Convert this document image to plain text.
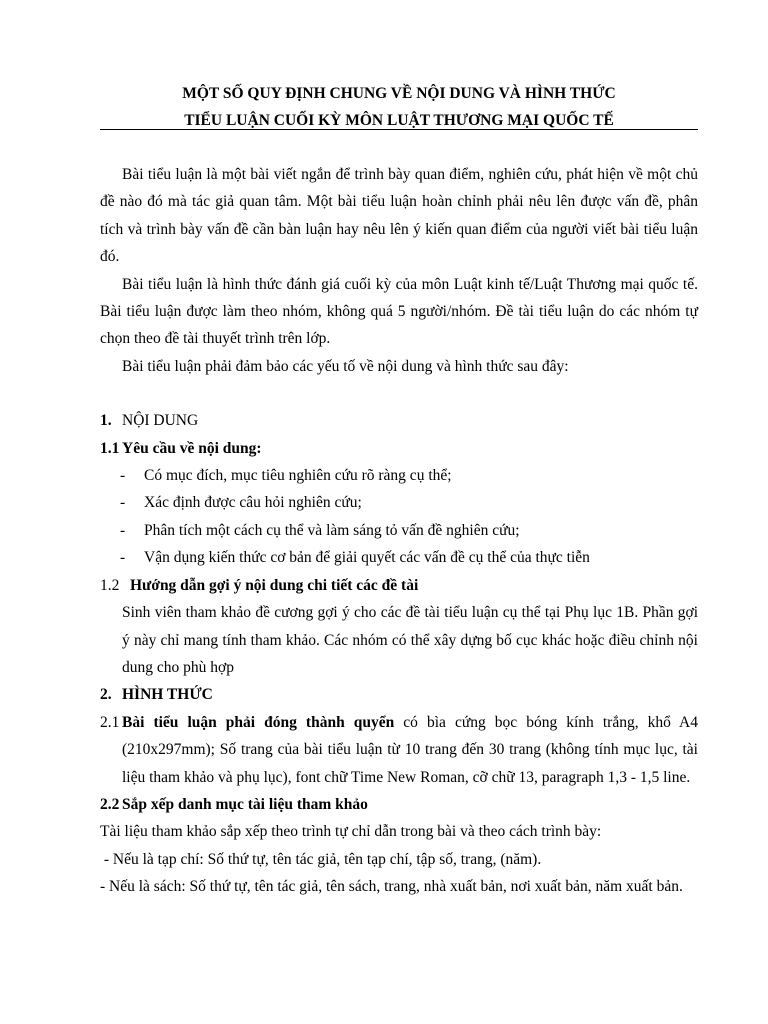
MỘT SỐ QUY ĐỊNH CHUNG VỀ NỘI DUNG VÀ HÌNH THỨC
TIỂU LUẬN CUỐI KỲ MÔN LUẬT THƯƠNG MẠI QUỐC TẾ

Bài tiểu luận là một bài viết ngắn để trình bày quan điểm, nghiên cứu, phát hiện về một chủ đề nào đó mà tác giả quan tâm. Một bài tiểu luận hoàn chỉnh phải nêu lên được vấn đề, phân tích và trình bày vấn đề cần bàn luận hay nêu lên ý kiến quan điểm của người viết bài tiểu luận đó.

Bài tiểu luận là hình thức đánh giá cuối kỳ của môn Luật kinh tế/Luật Thương mại quốc tế. Bài tiểu luận được làm theo nhóm, không quá 5 người/nhóm. Đề tài tiểu luận do các nhóm tự chọn theo đề tài thuyết trình trên lớp.

Bài tiểu luận phải đảm bảo các yếu tố về nội dung và hình thức sau đây:

1. NỘI DUNG
1.1 Yêu cầu về nội dung:
-	Có mục đích, mục tiêu nghiên cứu rõ ràng cụ thể;
-	Xác định được câu hỏi nghiên cứu;
-	Phân tích một cách cụ thể và làm sáng tỏ vấn đề nghiên cứu;
-	Vận dụng kiến thức cơ bản để giải quyết các vấn đề cụ thể của thực tiễn
1.2 Hướng dẫn gợi ý nội dung chi tiết các đề tài

Sinh viên tham khảo đề cương gợi ý cho các đề tài tiểu luận cụ thể tại Phụ lục 1B. Phần gợi ý này chỉ mang tính tham khảo. Các nhóm có thể xây dựng bố cục khác hoặc điều chỉnh nội dung cho phù hợp

2. HÌNH THỨC
2.1 Bài tiểu luận phải đóng thành quyển có bìa cứng bọc bóng kính trắng, khổ A4 (210x297mm); Số trang của bài tiểu luận từ 10 trang đến 30 trang (không tính mục lục, tài liệu tham khảo và phụ lục), font chữ Time New Roman, cỡ chữ 13, paragraph 1,3 - 1,5 line.

2.2 Sắp xếp danh mục tài liệu tham khảo

Tài liệu tham khảo sắp xếp theo trình tự chỉ dẫn trong bài và theo cách trình bày:

- Nếu là tạp chí: Số thứ tự, tên tác giả, tên tạp chí, tập số, trang, (năm).

- Nếu là sách: Số thứ tự, tên tác giả, tên sách, trang, nhà xuất bản, nơi xuất bản, năm xuất bản.
